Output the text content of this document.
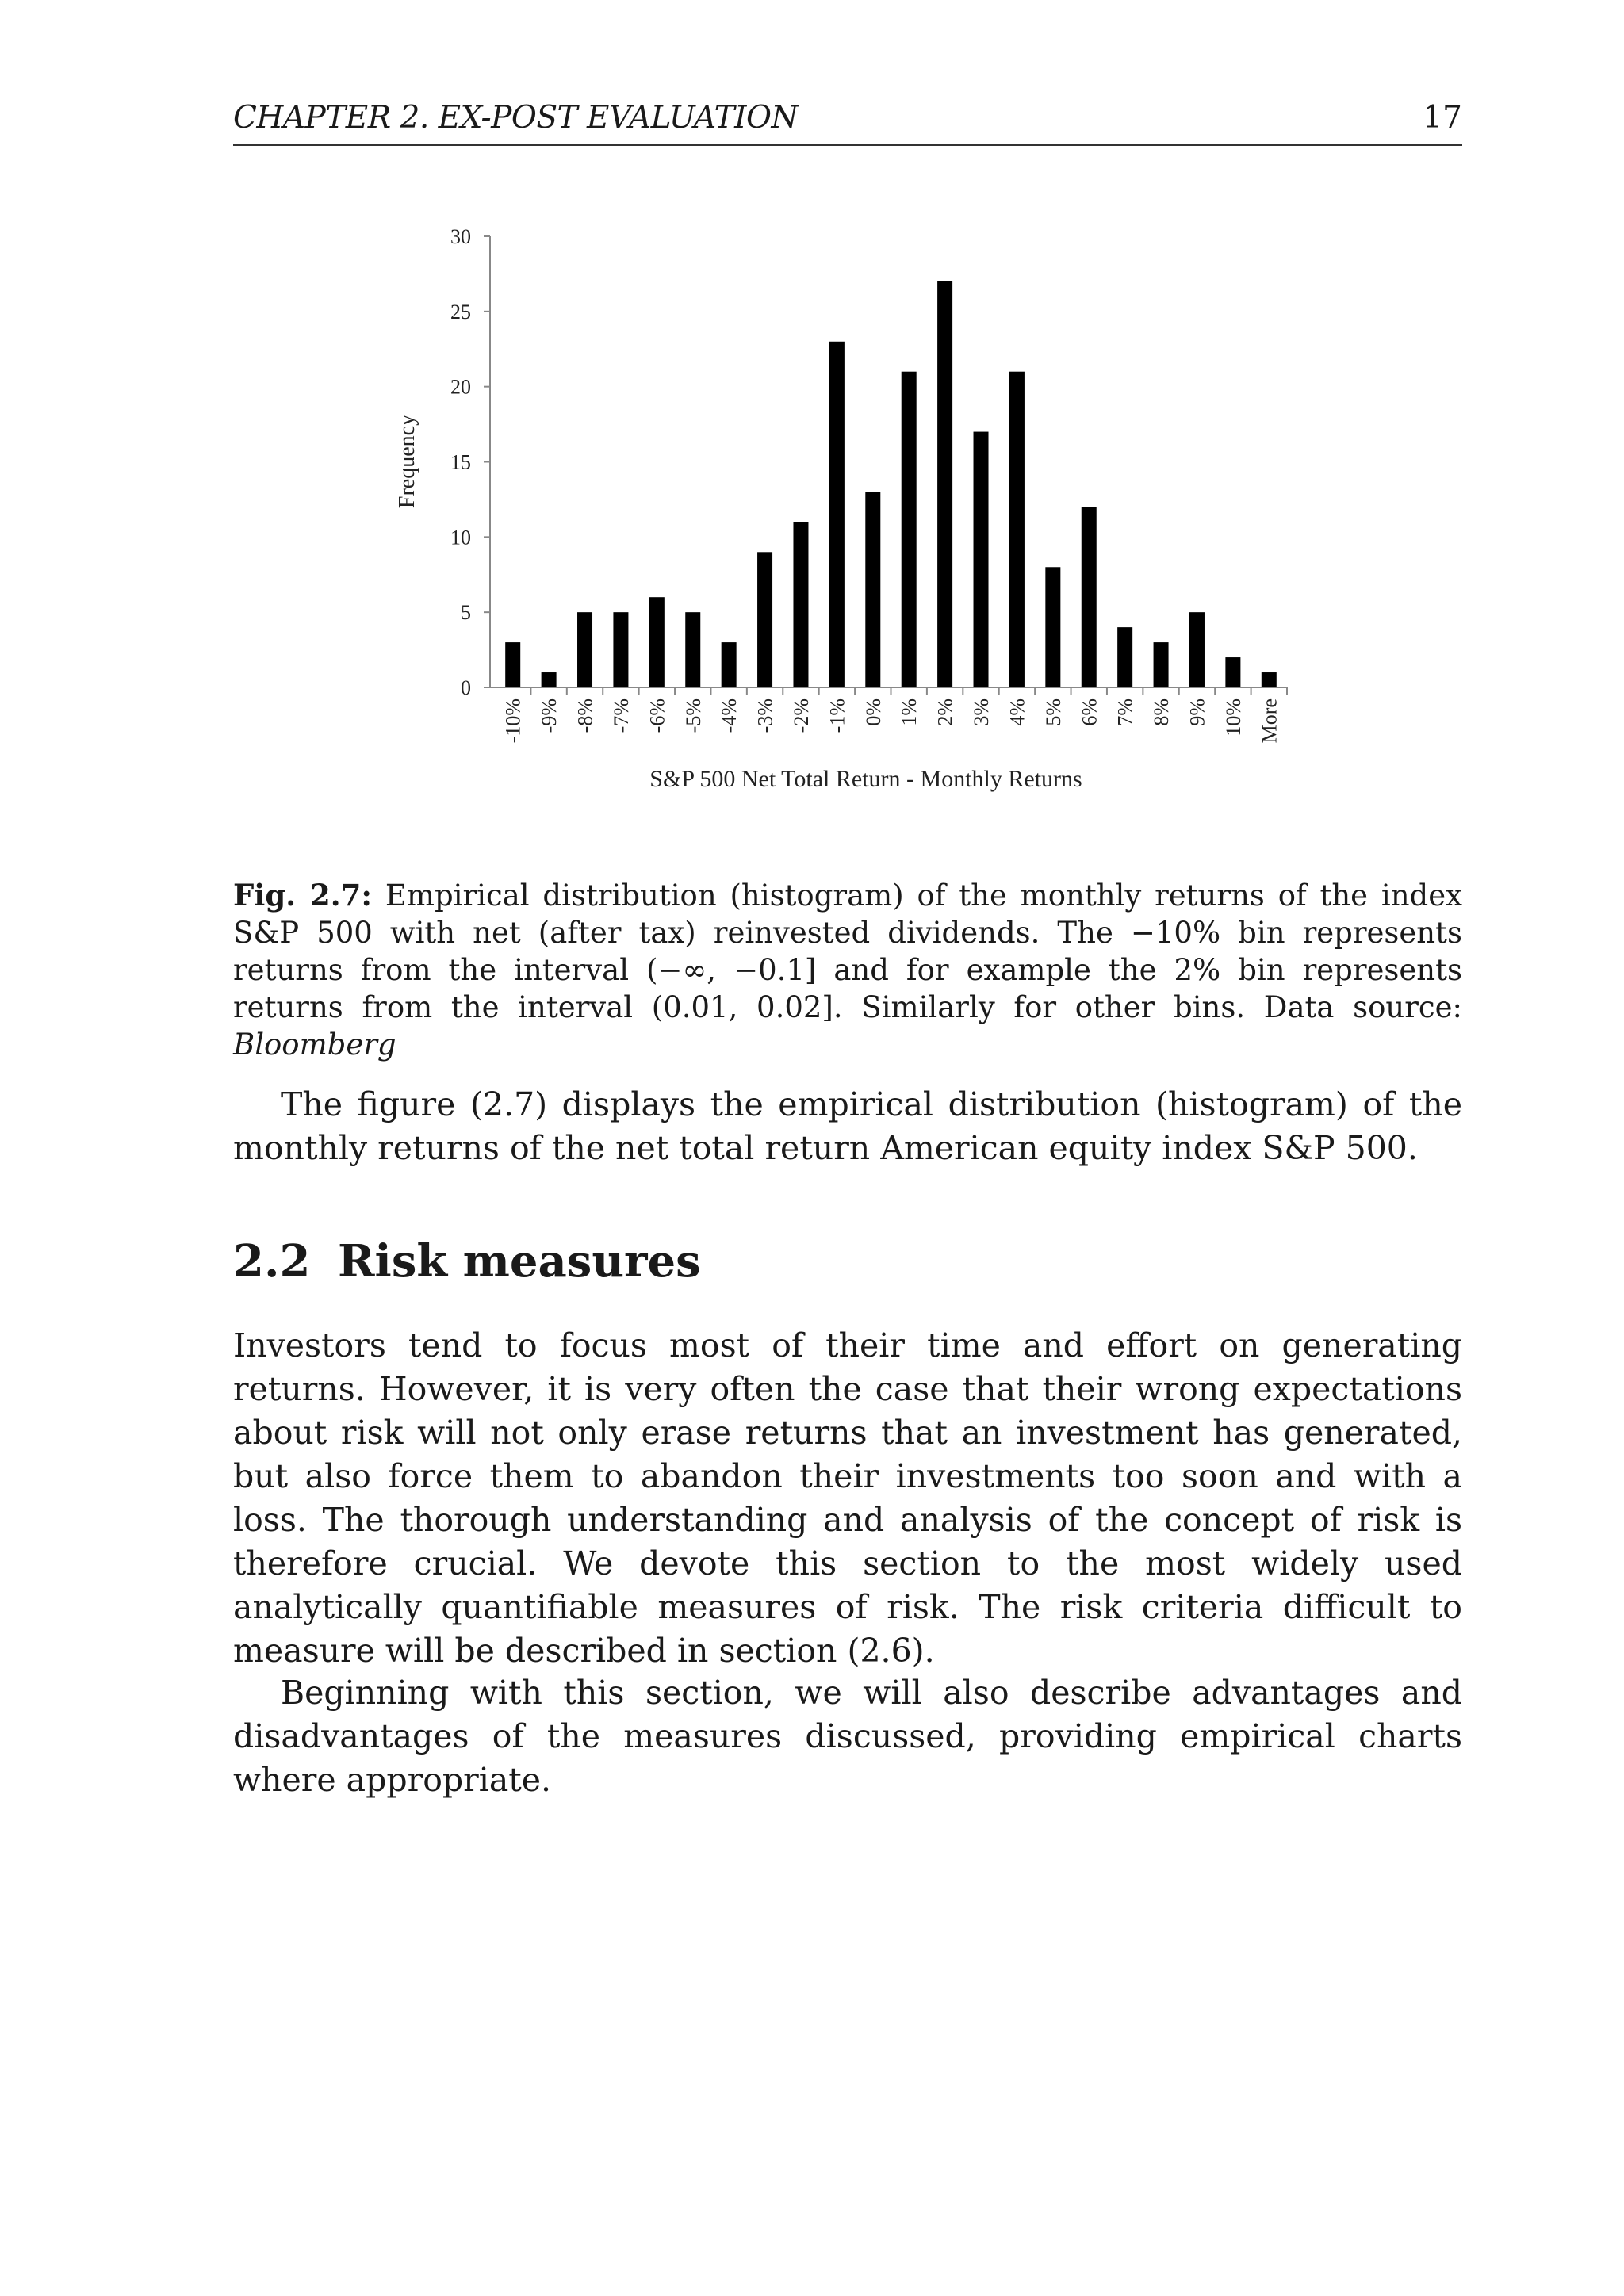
CHAPTER 2. EX-POST EVALUATION	17
Frequency
S&P 500 Net Total Return - Monthly Returns
0
5
10
15
20
25
30
-10% -9% -8% -7% -6% -5% -4% -3% -2% -1% 0% 1% 2% 3% 4% 5% 6% 7% 8% 9% 10% More
Fig. 2.7: Empirical distribution (histogram) of the monthly returns of the index S&P 500 with net (after tax) reinvested dividends. The −10% bin represents returns from the interval (−∞, −0.1] and for example the 2% bin represents returns from the interval (0.01, 0.02]. Similarly for other bins. Data source: Bloomberg

The figure (2.7) displays the empirical distribution (histogram) of the monthly returns of the net total return American equity index S&P 500.

2.2 Risk measures

Investors tend to focus most of their time and effort on generating returns. However, it is very often the case that their wrong expectations about risk will not only erase returns that an investment has generated, but also force them to abandon their investments too soon and with a loss. The thorough understanding and analysis of the concept of risk is therefore crucial. We devote this section to the most widely used analytically quantifiable measures of risk. The risk criteria difficult to measure will be described in section (2.6).

Beginning with this section, we will also describe advantages and disadvantages of the measures discussed, providing empirical charts where appropriate.
